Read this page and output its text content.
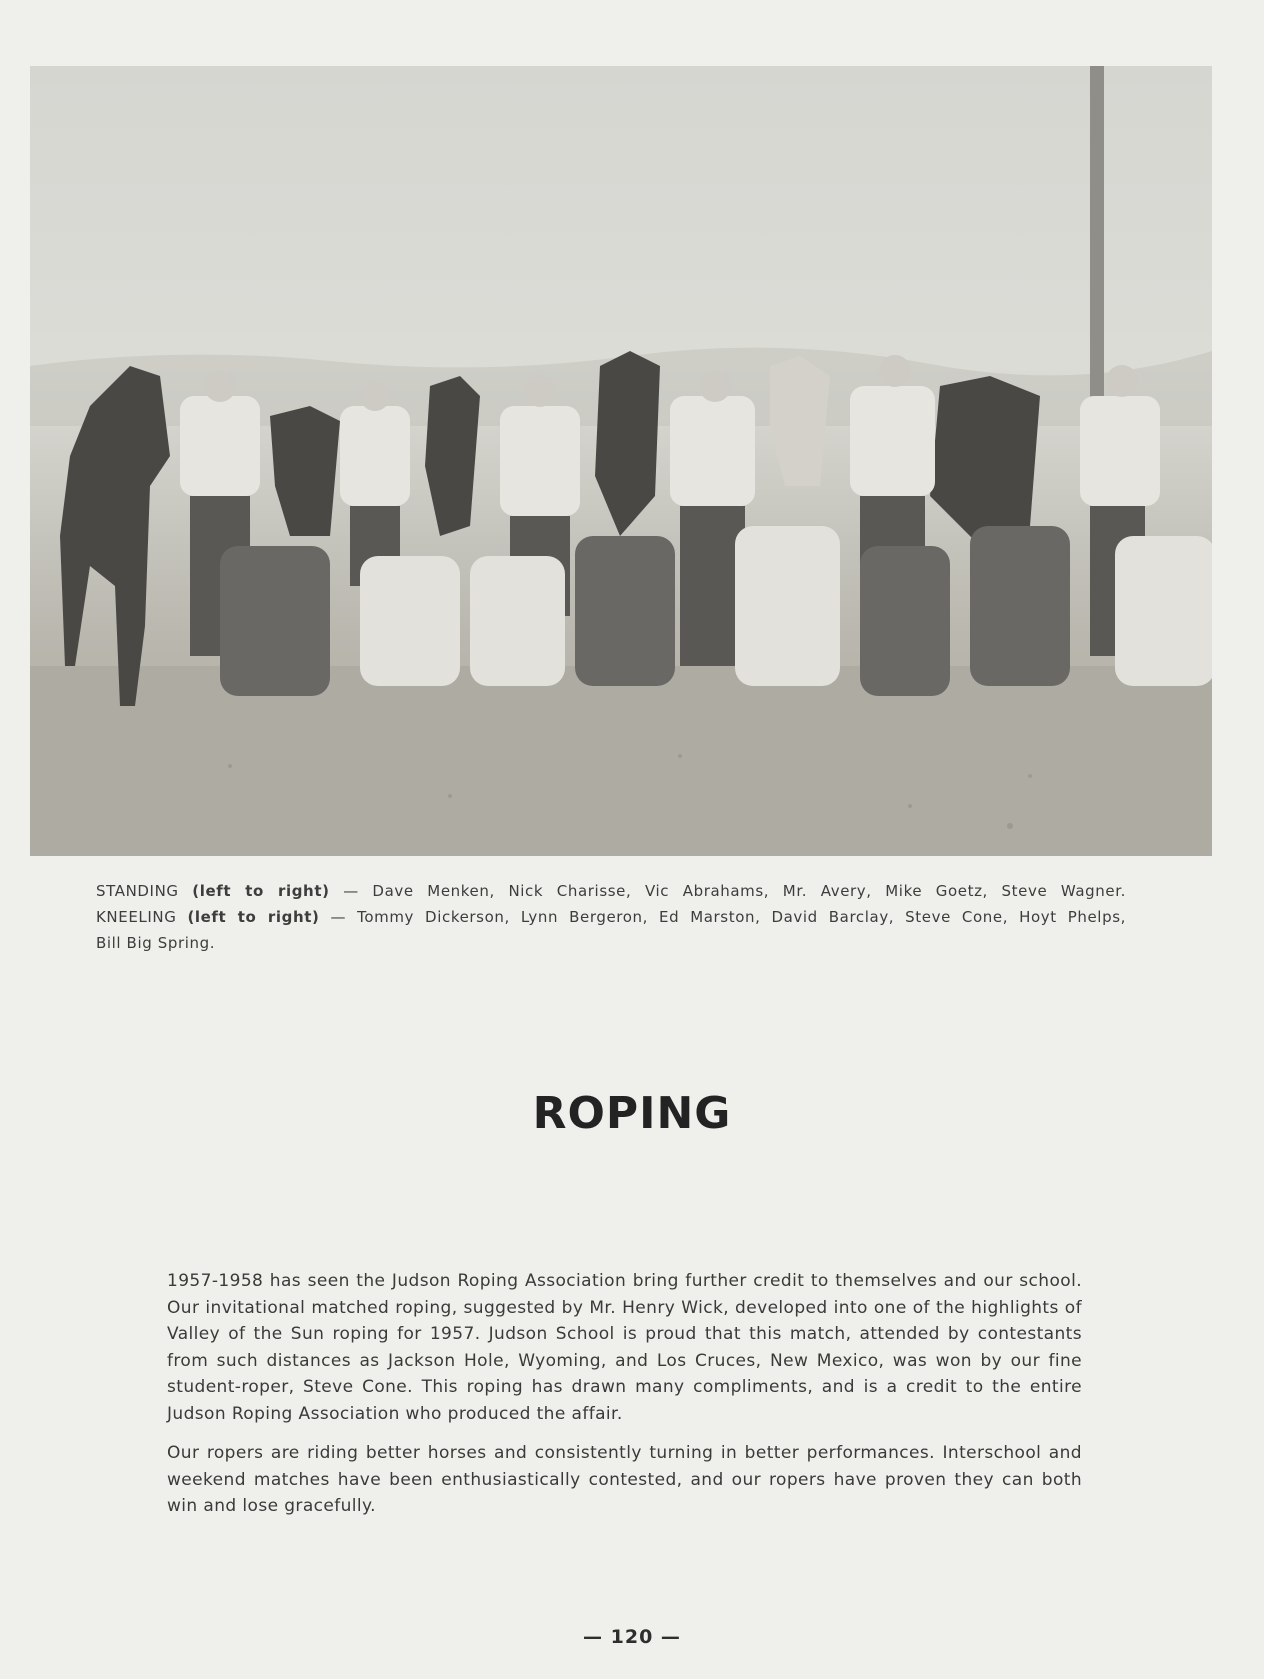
STANDING (left to right) — Dave Menken, Nick Charisse, Vic Abrahams, Mr. Avery, Mike Goetz, Steve Wagner.
KNEELING (left to right) — Tommy Dickerson, Lynn Bergeron, Ed Marston, David Barclay, Steve Cone, Hoyt Phelps,
Bill Big Spring.
ROPING

1957-1958 has seen the Judson Roping Association bring further credit to themselves and our school. Our invitational matched roping, suggested by Mr. Henry Wick, developed into one of the highlights of Valley of the Sun roping for 1957. Judson School is proud that this match, attended by contestants from such distances as Jackson Hole, Wyoming, and Los Cruces, New Mexico, was won by our fine student-roper, Steve Cone. This roping has drawn many compliments, and is a credit to the entire Judson Roping Association who produced the affair.

Our ropers are riding better horses and consistently turning in better performances. Interschool and weekend matches have been enthusiastically contested, and our ropers have proven they can both win and lose gracefully.

— 120 —
